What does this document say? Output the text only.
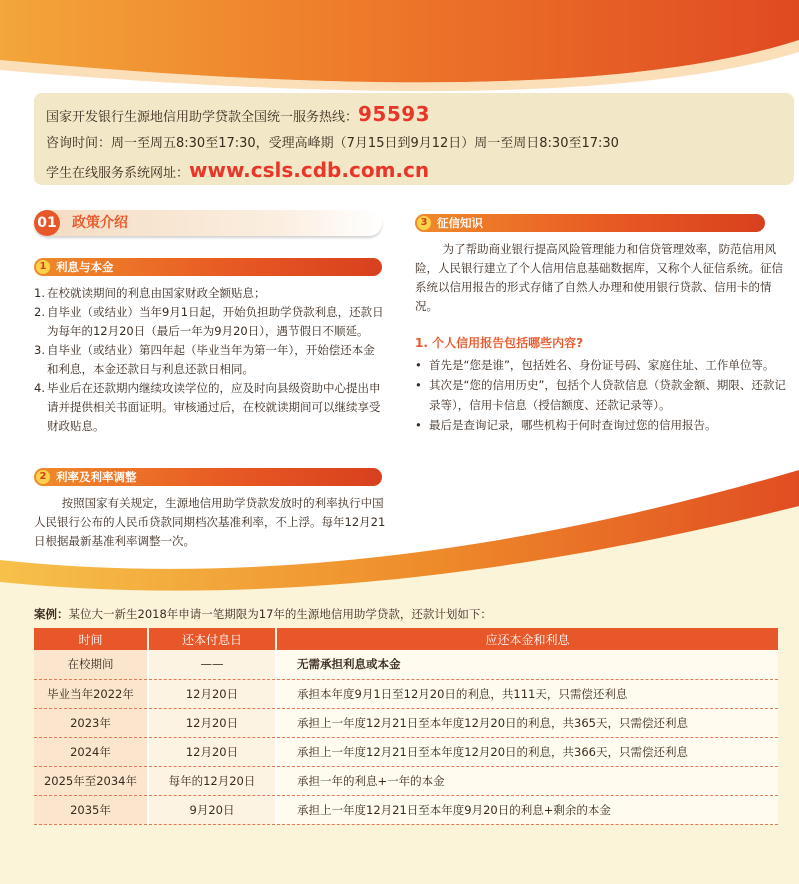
国家开发银行生源地信用助学贷款全国统一服务热线：95593
咨询时间：周一至周五8:30至17:30，受理高峰期（7月15日到9月12日）周一至周日8:30至17:30
学生在线服务系统网址：www.csls.cdb.com.cn
01 政策介绍
1 利息与本金
1. 在校就读期间的利息由国家财政全额贴息；
2. 自毕业（或结业）当年9月1日起，开始负担助学贷款利息，还款日为每年的12月20日（最后一年为9月20日），遇节假日不顺延。
3. 自毕业（或结业）第四年起（毕业当年为第一年），开始偿还本金和利息，本金还款日与利息还款日相同。
4. 毕业后在还款期内继续攻读学位的，应及时向县级资助中心提出申请并提供相关书面证明。审核通过后，在校就读期间可以继续享受财政贴息。
2 利率及利率调整
按照国家有关规定，生源地信用助学贷款发放时的利率执行中国人民银行公布的人民币贷款同期档次基准利率，不上浮。每年12月21日根据最新基准利率调整一次。
3 征信知识
为了帮助商业银行提高风险管理能力和信贷管理效率，防范信用风险，人民银行建立了个人信用信息基础数据库，又称个人征信系统。征信系统以信用报告的形式存储了自然人办理和使用银行贷款、信用卡的情况。
1. 个人信用报告包括哪些内容?
• 首先是“您是谁”，包括姓名、身份证号码、家庭住址、工作单位等。
• 其次是“您的信用历史”，包括个人贷款信息（贷款金额、期限、还款记录等），信用卡信息（授信额度、还款记录等）。
• 最后是查询记录，哪些机构于何时查询过您的信用报告。
案例：某位大一新生2018年申请一笔期限为17年的生源地信用助学贷款，还款计划如下：
时间	还本付息日	应还本金和利息
在校期间	——	无需承担利息或本金
毕业当年2022年	12月20日	承担本年度9月1日至12月20日的利息，共111天，只需偿还利息
2023年	12月20日	承担上一年度12月21日至本年度12月20日的利息，共365天，只需偿还利息
2024年	12月20日	承担上一年度12月21日至本年度12月20日的利息，共366天，只需偿还利息
2025年至2034年	每年的12月20日	承担一年的利息+一年的本金
2035年	9月20日	承担上一年度12月21日至本年度9月20日的利息+剩余的本金
